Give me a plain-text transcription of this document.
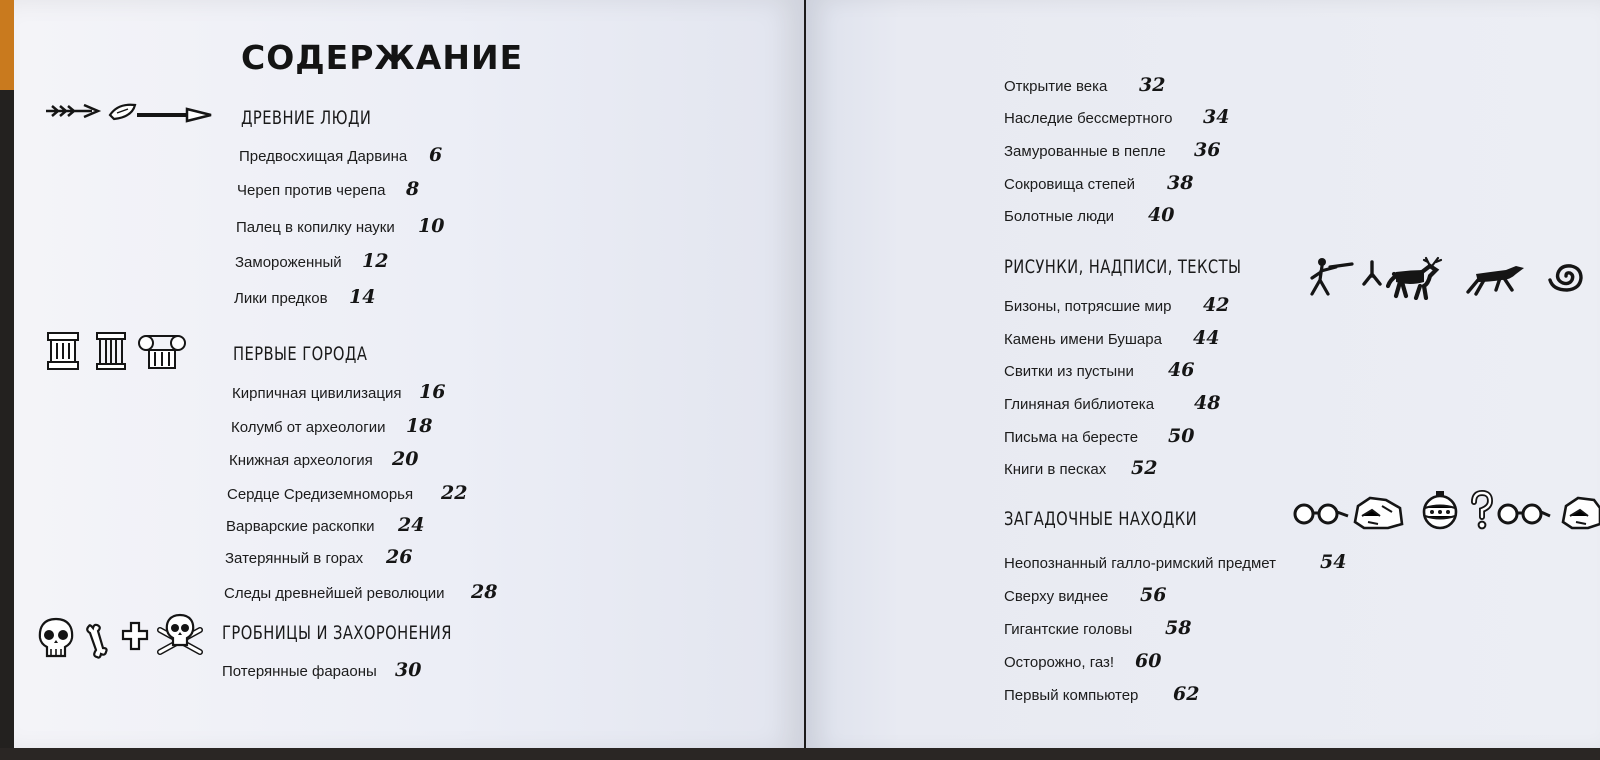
СОДЕРЖАНИЕ
ДРЕВНИЕ ЛЮДИ
Предвосхищая Дарвина 6
Череп против черепа 8
Палец в копилку науки 10
Замороженный 12
Лики предков 14
ПЕРВЫЕ ГОРОДА
Кирпичная цивилизация 16
Колумб от археологии 18
Книжная археология 20
Сердце Средиземноморья 22
Варварские раскопки 24
Затерянный в горах 26
Следы древнейшей революции 28
ГРОБНИЦЫ И ЗАХОРОНЕНИЯ
Потерянные фараоны 30
Открытие века 32
Наследие бессмертного 34
Замурованные в пепле 36
Сокровища степей 38
Болотные люди 40
РИСУНКИ, НАДПИСИ, ТЕКСТЫ
Бизоны, потрясшие мир 42
Камень имени Бушара 44
Свитки из пустыни 46
Глиняная библиотека 48
Письма на бересте 50
Книги в песках 52
ЗАГАДОЧНЫЕ НАХОДКИ
Неопознанный галло-римский предмет 54
Сверху виднее 56
Гигантские головы 58
Осторожно, газ! 60
Первый компьютер 62
